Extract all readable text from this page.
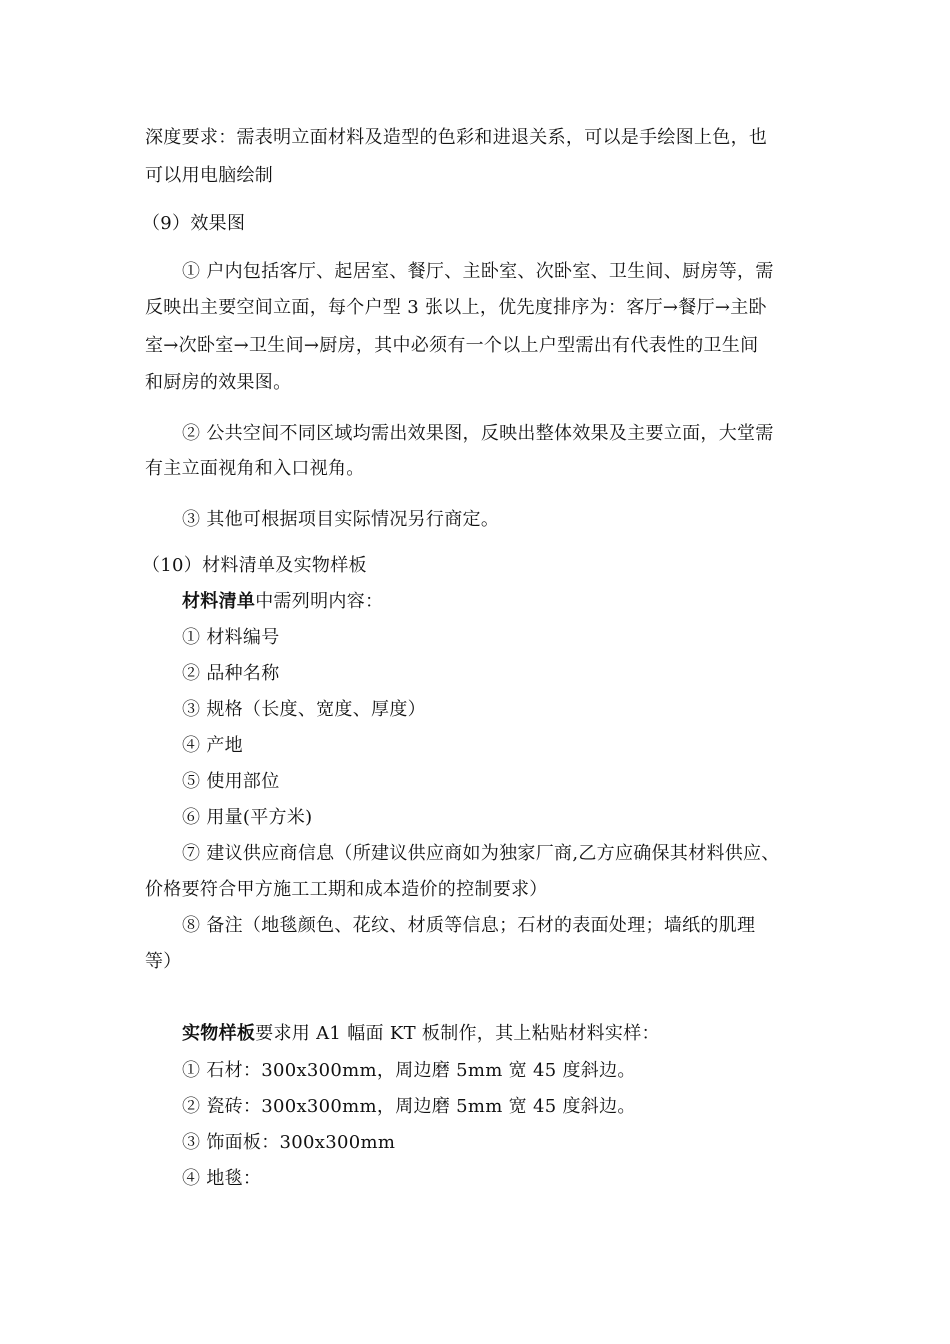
深度要求：需表明立面材料及造型的色彩和进退关系，可以是手绘图上色，也
可以用电脑绘制
（9）效果图
① 户内包括客厅、起居室、餐厅、主卧室、次卧室、卫生间、厨房等，需
反映出主要空间立面，每个户型 3 张以上，优先度排序为：客厅→餐厅→主卧
室→次卧室→卫生间→厨房，其中必须有一个以上户型需出有代表性的卫生间
和厨房的效果图。
② 公共空间不同区域均需出效果图，反映出整体效果及主要立面，大堂需
有主立面视角和入口视角。
③ 其他可根据项目实际情况另行商定。
（10）材料清单及实物样板
材料清单中需列明内容：
① 材料编号
② 品种名称
③ 规格（长度、宽度、厚度）
④ 产地
⑤ 使用部位
⑥ 用量(平方米)
⑦ 建议供应商信息（所建议供应商如为独家厂商,乙方应确保其材料供应、
价格要符合甲方施工工期和成本造价的控制要求）
⑧ 备注（地毯颜色、花纹、材质等信息；石材的表面处理；墙纸的肌理
等）
实物样板要求用 A1 幅面 KT 板制作，其上粘贴材料实样：
① 石材：300x300mm，周边磨 5mm 宽 45 度斜边。
② 瓷砖：300x300mm，周边磨 5mm 宽 45 度斜边。
③ 饰面板：300x300mm
④ 地毯：
